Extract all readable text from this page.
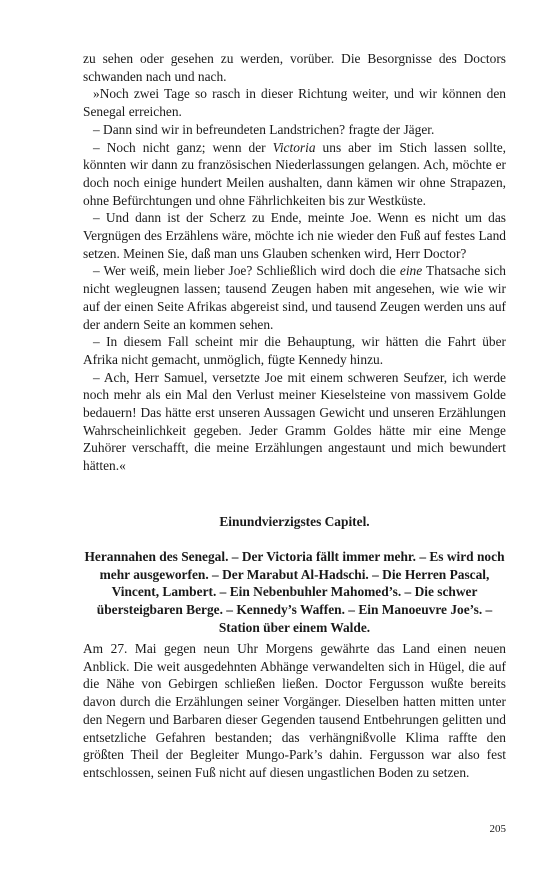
zu sehen oder gesehen zu werden, vorüber. Die Besorgnisse des Doctors schwanden nach und nach.

»Noch zwei Tage so rasch in dieser Richtung weiter, und wir können den Senegal erreichen.

– Dann sind wir in befreundeten Landstrichen? fragte der Jäger.

– Noch nicht ganz; wenn der Victoria uns aber im Stich lassen sollte, könnten wir dann zu französischen Niederlassungen gelangen. Ach, möchte er doch noch einige hundert Meilen aushalten, dann kämen wir ohne Strapazen, ohne Befürchtungen und ohne Fährlichkeiten bis zur Westküste.

– Und dann ist der Scherz zu Ende, meinte Joe. Wenn es nicht um das Vergnügen des Erzählens wäre, möchte ich nie wieder den Fuß auf festes Land setzen. Meinen Sie, daß man uns Glauben schenken wird, Herr Doctor?

– Wer weiß, mein lieber Joe? Schließlich wird doch die eine Thatsache sich nicht wegleugnen lassen; tausend Zeugen haben mit angesehen, wie wie wir auf der einen Seite Afrikas abgereist sind, und tausend Zeugen werden uns auf der andern Seite an kommen sehen.

– In diesem Fall scheint mir die Behauptung, wir hätten die Fahrt über Afrika nicht gemacht, unmöglich, fügte Kennedy hinzu.

– Ach, Herr Samuel, versetzte Joe mit einem schweren Seufzer, ich werde noch mehr als ein Mal den Verlust meiner Kieselsteine von massivem Golde bedauern! Das hätte erst unseren Aussagen Gewicht und unseren Erzählungen Wahrscheinlichkeit gegeben. Jeder Gramm Goldes hätte mir eine Menge Zuhörer verschafft, die meine Erzählungen angestaunt und mich bewundert hätten.«

Einundvierzigstes Capitel.
Herannahen des Senegal. – Der Victoria fällt immer mehr. – Es wird noch mehr ausgeworfen. – Der Marabut Al-Hadschi. – Die Herren Pascal, Vincent, Lambert. – Ein Nebenbuhler Mahomed’s. – Die schwer übersteigbaren Berge. – Kennedy’s Waffen. – Ein Manoeuvre Joe’s. – Station über einem Walde.

Am 27. Mai gegen neun Uhr Morgens gewährte das Land einen neuen Anblick. Die weit ausgedehnten Abhänge verwandelten sich in Hügel, die auf die Nähe von Gebirgen schließen ließen. Doctor Fergusson wußte bereits davon durch die Erzählungen seiner Vorgänger. Dieselben hatten mitten unter den Negern und Barbaren dieser Gegenden tausend Entbehrungen gelitten und entsetzliche Gefahren bestanden; das verhängnißvolle Klima raffte den größten Theil der Begleiter Mungo-Park’s dahin. Fergusson war also fest entschlossen, seinen Fuß nicht auf diesen ungastlichen Boden zu setzen.

205
